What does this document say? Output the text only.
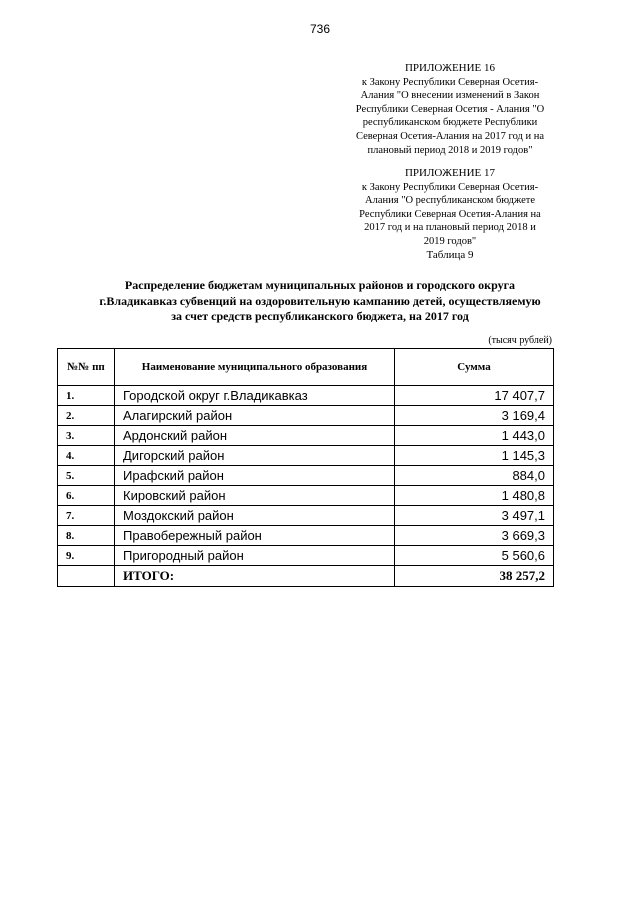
736
ПРИЛОЖЕНИЕ 16
к Закону Республики Северная Осетия-
Алания "О внесении изменений в Закон
Республики Северная Осетия - Алания "О
республиканском бюджете Республики
Северная Осетия-Алания на 2017 год и на
плановый период 2018 и 2019 годов"
ПРИЛОЖЕНИЕ 17
к Закону Республики Северная Осетия-
Алания "О республиканском бюджете
Республики Северная Осетия-Алания на
2017 год и на плановый период 2018 и
2019 годов"
Таблица 9
Распределение бюджетам муниципальных районов и городского округа
г.Владикавказ субвенций на оздоровительную кампанию детей, осуществляемую
за счет средств республиканского бюджета, на 2017 год
(тысяч рублей)
№№ пп	Наименование муниципального образования	Сумма
1.	Городской округ г.Владикавказ	17 407,7
2.	Алагирский район	3 169,4
3.	Ардонский район	1 443,0
4.	Дигорский район	1 145,3
5.	Ирафский район	884,0
6.	Кировский район	1 480,8
7.	Моздокский район	3 497,1
8.	Правобережный район	3 669,3
9.	Пригородный район	5 560,6
	ИТОГО:	38 257,2
